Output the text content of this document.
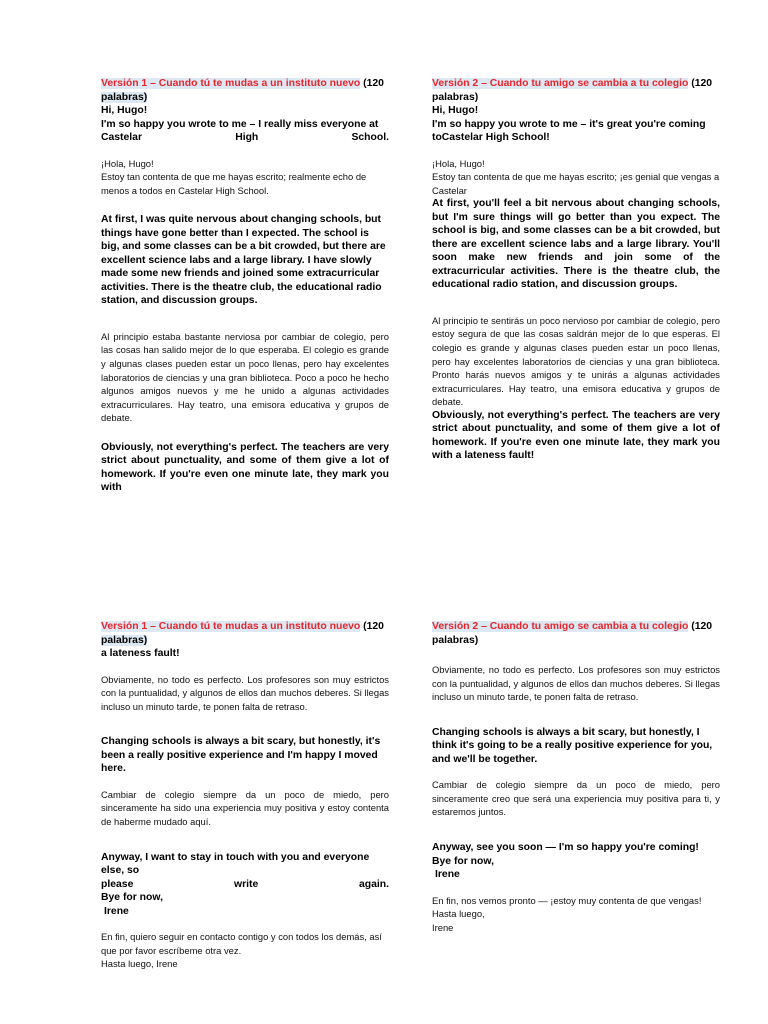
Versión 1 – Cuando tú te mudas a un instituto nuevo (120

palabras)

Hi, Hugo!

I'm so happy you wrote to me – I really miss everyone at

Castelar	High	School.

¡Hola, Hugo!

Estoy tan contenta de que me hayas escrito; realmente echo de menos a todos en Castelar High School.

At first, I was quite nervous about changing schools, but things have gone better than I expected. The school is big, and some classes can be a bit crowded, but there are excellent science labs and a large library. I have slowly made some new friends and joined some extracurricular activities. There is the theatre club, the educational radio station, and discussion groups.

Al principio estaba bastante nerviosa por cambiar de colegio, pero las cosas han salido mejor de lo que esperaba. El colegio es grande y algunas clases pueden estar un poco llenas, pero hay excelentes laboratorios de ciencias y una gran biblioteca. Poco a poco he hecho algunos amigos nuevos y me he unido a algunas actividades extracurriculares. Hay teatro, una emisora educativa y grupos de debate.

Obviously, not everything's perfect. The teachers are very strict about punctuality, and some of them give a lot of homework. If you're even one minute late, they mark you with

Versión 2 – Cuando tu amigo se cambia a tu colegio (120

palabras)

Hi, Hugo!

I'm so happy you wrote to me – it's great you're coming toCastelar High School!

¡Hola, Hugo!

Estoy tan contenta de que me hayas escrito; ¡es genial que vengas a Castelar

At first, you'll feel a bit nervous about changing schools, but I'm sure things will go better than you expect. The school is big, and some classes can be a bit crowded, but there are excellent science labs and a large library. You'll soon make new friends and join some of the extracurricular activities. There is the theatre club, the educational radio station, and discussion groups.

Al principio te sentirás un poco nervioso por cambiar de colegio, pero estoy segura de que las cosas saldrán mejor de lo que esperas. El colegio es grande y algunas clases pueden estar un poco llenas, pero hay excelentes laboratorios de ciencias y una gran biblioteca. Pronto harás nuevos amigos y te unirás a algunas actividades extracurriculares. Hay teatro, una emisora educativa y grupos de debate.

Obviously, not everything's perfect. The teachers are very strict about punctuality, and some of them give a lot of homework. If you're even one minute late, they mark you with a lateness fault!

Versión 1 – Cuando tú te mudas a un instituto nuevo (120

palabras)

a lateness fault!

Obviamente, no todo es perfecto. Los profesores son muy estrictos con la puntualidad, y algunos de ellos dan muchos deberes. Si llegas incluso un minuto tarde, te ponen falta de retraso.

Changing schools is always a bit scary, but honestly, it's been a really positive experience and I'm happy I moved here.

Cambiar de colegio siempre da un poco de miedo, pero sinceramente ha sido una experiencia muy positiva y estoy contenta de haberme mudado aquí.

Anyway, I want to stay in touch with you and everyone else, so

please	write	again.

Bye for now,

Irene

En fin, quiero seguir en contacto contigo y con todos los demás, así que por favor escríbeme otra vez.

Hasta luego, Irene

Versión 2 – Cuando tu amigo se cambia a tu colegio (120

palabras)

Obviamente, no todo es perfecto. Los profesores son muy estrictos con la puntualidad, y algunos de ellos dan muchos deberes. Si llegas incluso un minuto tarde, te ponen falta de retraso.

Changing schools is always a bit scary, but honestly, I think it's going to be a really positive experience for you, and we'll be together.

Cambiar de colegio siempre da un poco de miedo, pero sinceramente creo que será una experiencia muy positiva para ti, y estaremos juntos.

Anyway, see you soon — I'm so happy you're coming!

Bye for now,

Irene

En fin, nos vemos pronto — ¡estoy muy contenta de que vengas!

Hasta luego,

Irene
